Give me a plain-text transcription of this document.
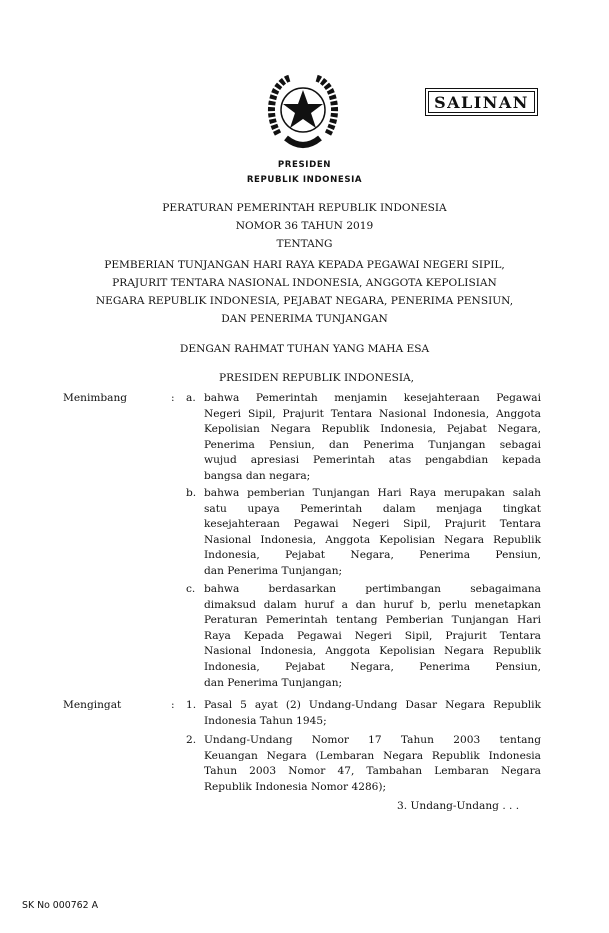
SALINAN
PRESIDEN
REPUBLIK INDONESIA
PERATURAN PEMERINTAH REPUBLIK INDONESIA
NOMOR 36 TAHUN 2019
TENTANG
PEMBERIAN TUNJANGAN HARI RAYA KEPADA PEGAWAI NEGERI SIPIL,
PRAJURIT TENTARA NASIONAL INDONESIA, ANGGOTA KEPOLISIAN
NEGARA REPUBLIK INDONESIA, PEJABAT NEGARA, PENERIMA PENSIUN,
DAN PENERIMA TUNJANGAN
DENGAN RAHMAT TUHAN YANG MAHA ESA
PRESIDEN REPUBLIK INDONESIA,
Menimbang	: a. bahwa Pemerintah menjamin kesejahteraan Pegawai
Negeri Sipil, Prajurit Tentara Nasional Indonesia, Anggota
Kepolisian Negara Republik Indonesia, Pejabat Negara,
Penerima Pensiun, dan Penerima Tunjangan sebagai
wujud apresiasi Pemerintah atas pengabdian kepada
bangsa dan negara;
b. bahwa pemberian Tunjangan Hari Raya merupakan salah
satu upaya Pemerintah dalam menjaga tingkat
kesejahteraan Pegawai Negeri Sipil, Prajurit Tentara
Nasional Indonesia, Anggota Kepolisian Negara Republik
Indonesia, Pejabat Negara, Penerima Pensiun,
dan Penerima Tunjangan;
c. bahwa berdasarkan pertimbangan sebagaimana
dimaksud dalam huruf a dan huruf b, perlu menetapkan
Peraturan Pemerintah tentang Pemberian Tunjangan Hari
Raya Kepada Pegawai Negeri Sipil, Prajurit Tentara
Nasional Indonesia, Anggota Kepolisian Negara Republik
Indonesia, Pejabat Negara, Penerima Pensiun,
dan Penerima Tunjangan;
Mengingat	: 1. Pasal 5 ayat (2) Undang-Undang Dasar Negara Republik
Indonesia Tahun 1945;
2. Undang-Undang Nomor 17 Tahun 2003 tentang
Keuangan Negara (Lembaran Negara Republik Indonesia
Tahun 2003 Nomor 47, Tambahan Lembaran Negara
Republik Indonesia Nomor 4286);
3. Undang-Undang . . .
SK No 000762 A
